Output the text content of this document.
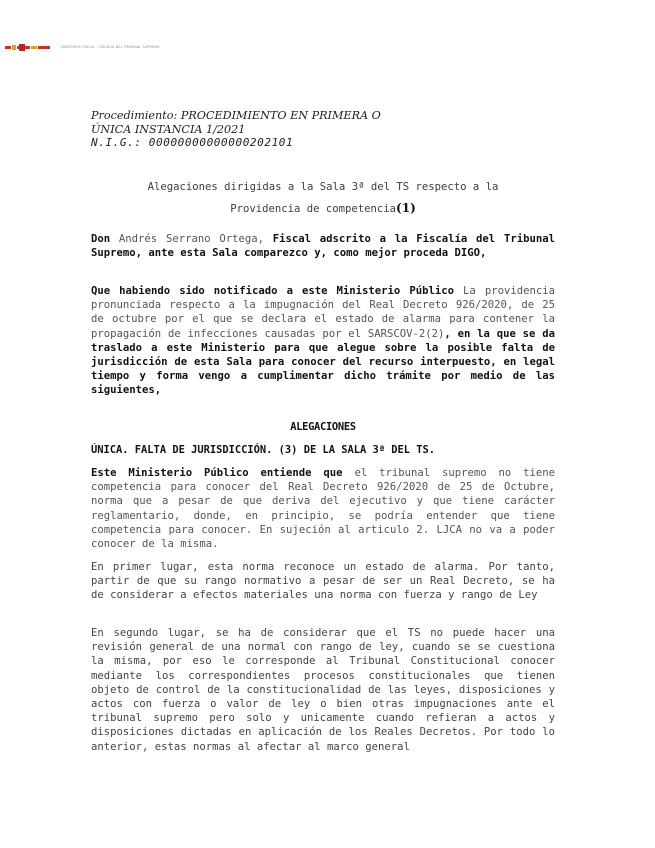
MINISTERIO FISCAL - FISCALIA DEL TRIBUNAL SUPREMO
Procedimiento: PROCEDIMIENTO EN PRIMERA O
ÚNICA INSTANCIA 1/2021
N.I.G.: 00000000000000202101
Alegaciones dirigidas a la Sala 3ª del TS respecto a la
Providencia de competencia(1)
Don Andrés Serrano Ortega, Fiscal adscrito a la Fiscalía del Tribunal Supremo, ante esta Sala comparezco y, como mejor proceda DIGO,
Que habiendo sido notificado a este Ministerio Público La providencia pronunciada respecto a la impugnación del Real Decreto 926/2020, de 25 de octubre por el que se declara el estado de alarma para contener la propagación de infecciones causadas por el SARSCOV-2(2), en la que se da traslado a este Ministerio para que alegue sobre la posible falta de jurisdicción de esta Sala para conocer del recurso interpuesto, en legal tiempo y forma vengo a cumplimentar dicho trámite por medio de las siguientes,
ALEGACIONES
ÚNICA. FALTA DE JURISDICCIÓN. (3) DE LA SALA 3ª DEL TS.
Este Ministerio Público entiende que el tribunal supremo no tiene competencia para conocer del Real Decreto 926/2020 de 25 de Octubre, norma que a pesar de que deriva del ejecutivo y que tiene carácter reglamentario, donde, en principio, se podría entender que tiene competencia para conocer. En sujeción al articulo 2. LJCA no va a poder conocer de la misma.
En primer lugar, esta norma reconoce un estado de alarma. Por tanto, partir de que su rango normativo a pesar de ser un Real Decreto, se ha de considerar a efectos materiales una norma con fuerza y rango de Ley
En segundo lugar, se ha de considerar que el TS no puede hacer una revisión general de una normal con rango de ley, cuando se se cuestiona la misma, por eso le corresponde al Tribunal Constitucional conocer mediante los correspondientes procesos constitucionales que tienen objeto de control de la constitucionalidad de las leyes, disposiciones y actos con fuerza o valor de ley o bien otras impugnaciones ante el tribunal supremo pero solo y unicamente cuando refieran a actos y disposiciones dictadas en aplicación de los Reales Decretos. Por todo lo anterior, estas normas al afectar al marco general
